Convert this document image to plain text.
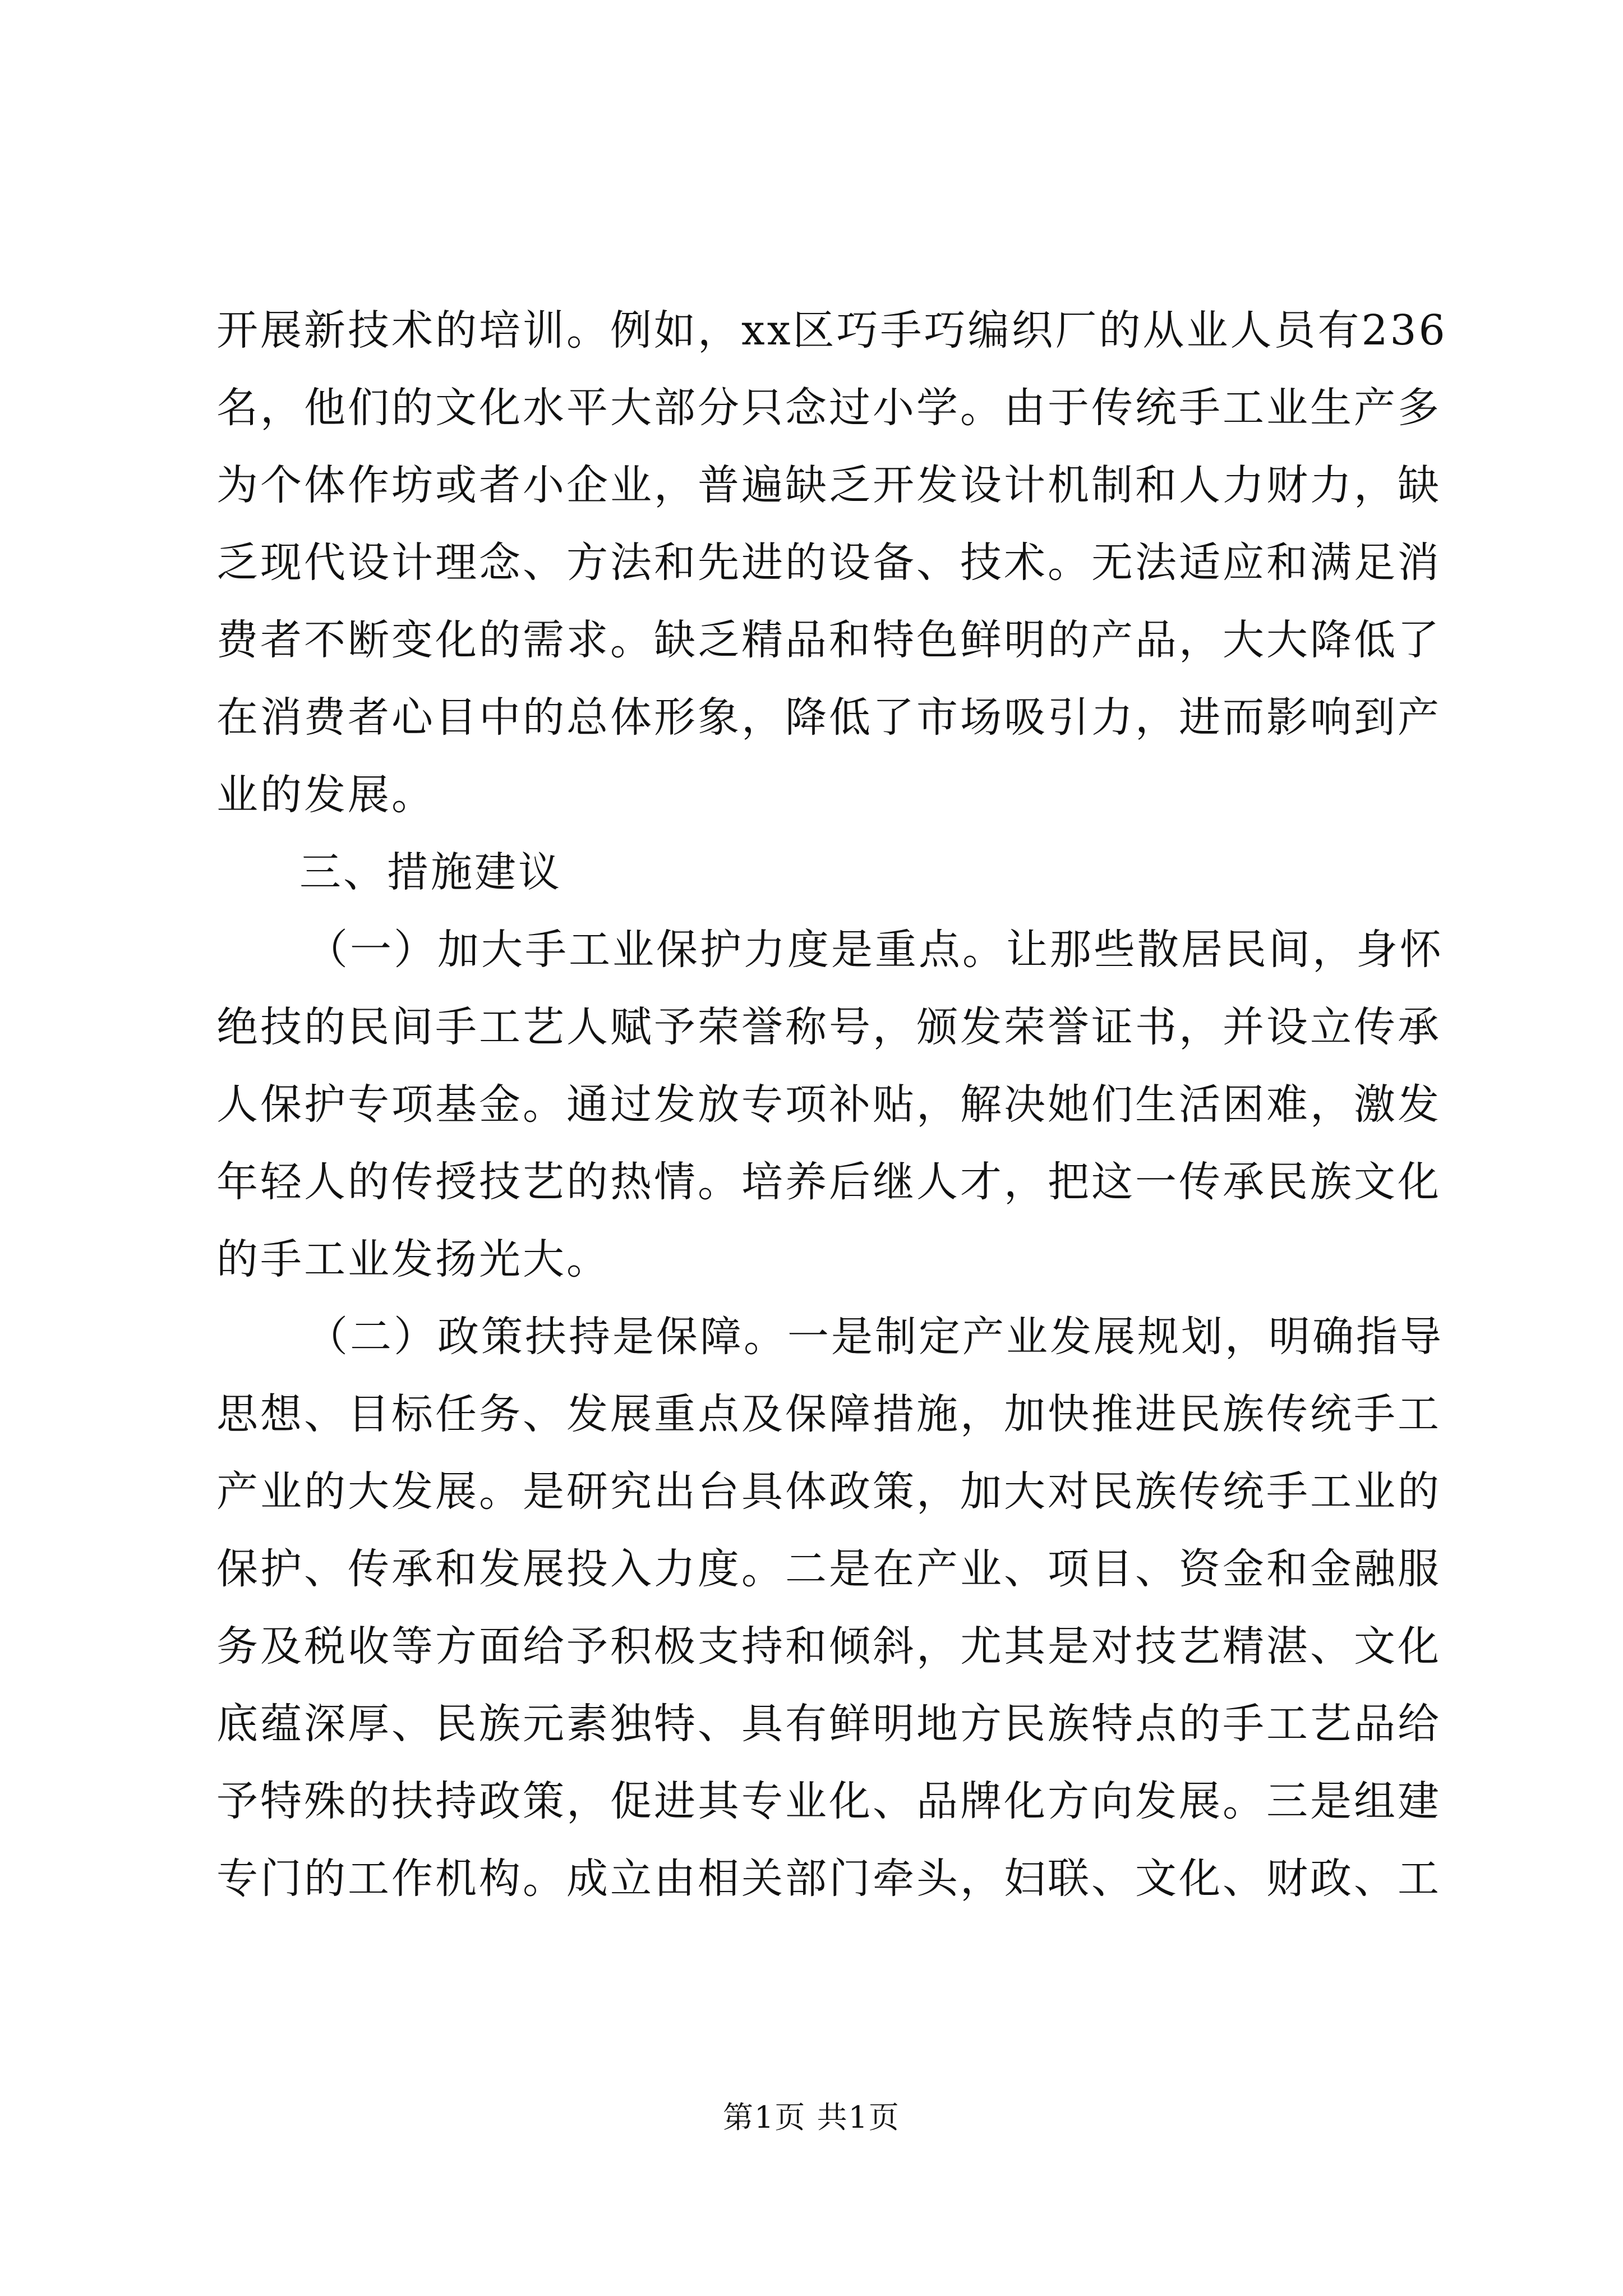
开展新技术的培训。例如，xx区巧手巧编织厂的从业人员有236
名，他们的文化水平大部分只念过小学。由于传统手工业生产多
为个体作坊或者小企业，普遍缺乏开发设计机制和人力财力，缺
乏现代设计理念、方法和先进的设备、技术。无法适应和满足消
费者不断变化的需求。缺乏精品和特色鲜明的产品，大大降低了
在消费者心目中的总体形象，降低了市场吸引力，进而影响到产
业的发展。
三、措施建议
（一）加大手工业保护力度是重点。让那些散居民间，身怀
绝技的民间手工艺人赋予荣誉称号，颁发荣誉证书，并设立传承
人保护专项基金。通过发放专项补贴，解决她们生活困难，激发
年轻人的传授技艺的热情。培养后继人才，把这一传承民族文化
的手工业发扬光大。
（二）政策扶持是保障。一是制定产业发展规划，明确指导
思想、目标任务、发展重点及保障措施，加快推进民族传统手工
产业的大发展。是研究出台具体政策，加大对民族传统手工业的
保护、传承和发展投入力度。二是在产业、项目、资金和金融服
务及税收等方面给予积极支持和倾斜，尤其是对技艺精湛、文化
底蕴深厚、民族元素独特、具有鲜明地方民族特点的手工艺品给
予特殊的扶持政策，促进其专业化、品牌化方向发展。三是组建
专门的工作机构。成立由相关部门牵头，妇联、文化、财政、工
第1页 共1页
